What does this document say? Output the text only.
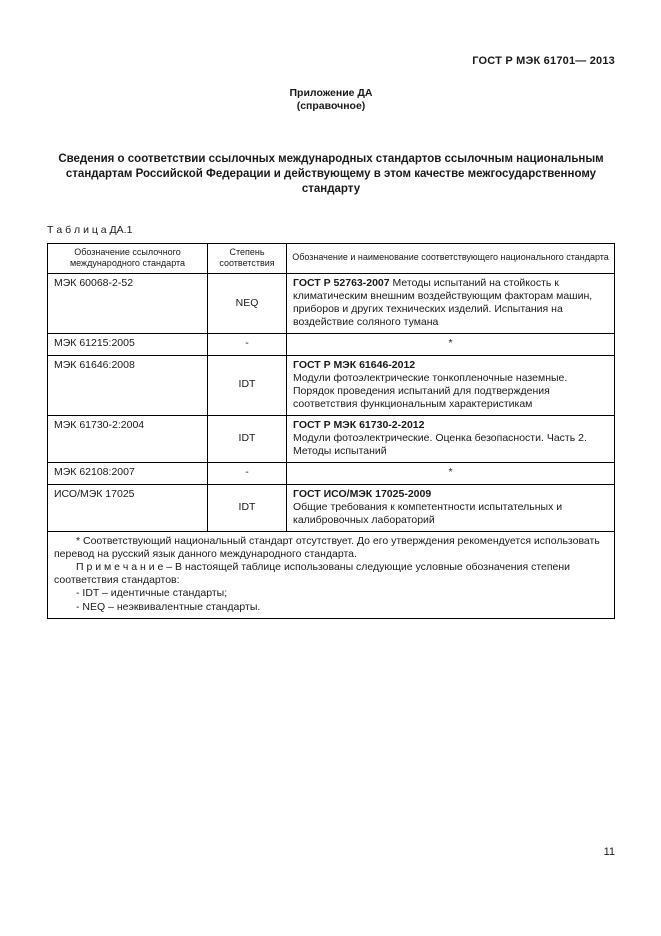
ГОСТ Р МЭК 61701— 2013
Приложение ДА
(справочное)
Сведения о соответствии ссылочных международных стандартов ссылочным национальным стандартам Российской Федерации и действующему в этом качестве межгосударственному стандарту
Т а б л и ц а ДА.1
Обозначение ссылочного международного стандарта	Степень соответствия	Обозначение и наименование соответствующего национального стандарта
МЭК 60068-2-52	NEQ	ГОСТ Р 52763-2007 Методы испытаний на стойкость к климатическим внешним воздействующим факторам машин, приборов и других технических изделий. Испытания на воздействие соляного тумана
МЭК 61215:2005	-	*
МЭК 61646:2008	IDT	ГОСТ Р МЭК 61646-2012
Модули фотоэлектрические тонкопленочные наземные. Порядок проведения испытаний для подтверждения соответствия функциональным характеристикам

МЭК 61730-2:2004	IDT	ГОСТ Р МЭК 61730-2-2012
Модули фотоэлектрические. Оценка безопасности. Часть 2. Методы испытаний

МЭК 62108:2007	-	*
ИСО/МЭК 17025	IDT	ГОСТ ИСО/МЭК 17025-2009
Общие требования к компетентности испытательных и калибровочных лабораторий

* Соответствующий национальный стандарт отсутствует. До его утверждения рекомендуется использовать перевод на русский язык данного международного стандарта.

П р и м е ч а н и е – В настоящей таблице использованы следующие условные обозначения степени соответствия стандартов:

- IDT – идентичные стандарты;

- NEQ – неэквивалентные стандарты.		

11
